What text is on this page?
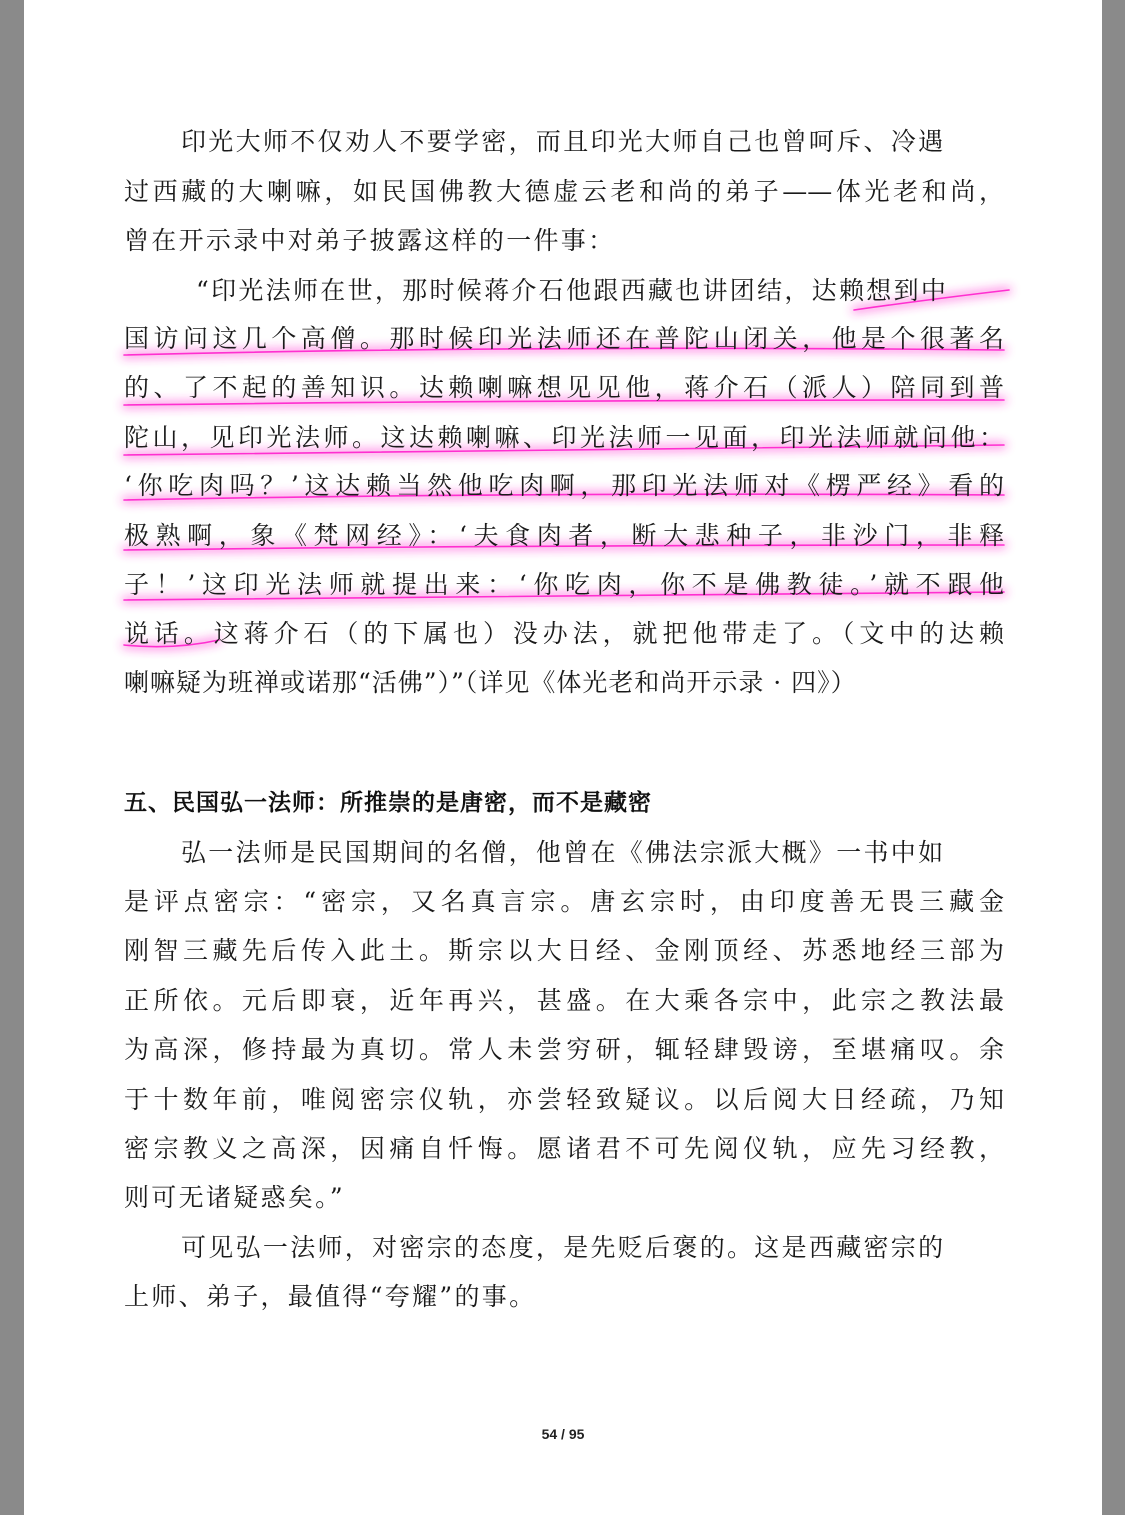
印光大师不仅劝人不要学密，而且印光大师自己也曾呵斥、冷遇
过西藏的大喇嘛，如民国佛教大德虚云老和尚的弟子——体光老和尚，
曾在开示录中对弟子披露这样的一件事：
“印光法师在世，那时候蒋介石他跟西藏也讲团结，达赖想到中
国访问这几个高僧。那时候印光法师还在普陀山闭关，他是个很著名
的、了不起的善知识。达赖喇嘛想见见他，蒋介石（派人）陪同到普
陀山，见印光法师。这达赖喇嘛、印光法师一见面，印光法师就问他：
‘你吃肉吗？’这达赖当然他吃肉啊，那印光法师对《楞严经》看的
极熟啊，象《梵网经》：‘夫食肉者，断大悲种子，非沙门，非释
子！’这印光法师就提出来：‘你吃肉，你不是佛教徒。’就不跟他
说话。这蒋介石（的下属也）没办法，就把他带走了。（文中的达赖
喇嘛疑为班禅或诺那“活佛”）”（详见《体光老和尚开示录 · 四》）
五、民国弘一法师：所推崇的是唐密，而不是藏密
弘一法师是民国期间的名僧，他曾在《佛法宗派大概》一书中如
是评点密宗：“密宗，又名真言宗。唐玄宗时，由印度善无畏三藏金
刚智三藏先后传入此土。斯宗以大日经、金刚顶经、苏悉地经三部为
正所依。元后即衰，近年再兴，甚盛。在大乘各宗中，此宗之教法最
为高深，修持最为真切。常人未尝穷研，辄轻肆毁谤，至堪痛叹。余
于十数年前，唯阅密宗仪轨，亦尝轻致疑议。以后阅大日经疏，乃知
密宗教义之高深，因痛自忏悔。愿诸君不可先阅仪轨，应先习经教，
则可无诸疑惑矣。”
可见弘一法师，对密宗的态度，是先贬后褒的。这是西藏密宗的
上师、弟子，最值得“夸耀”的事。
54 / 95
